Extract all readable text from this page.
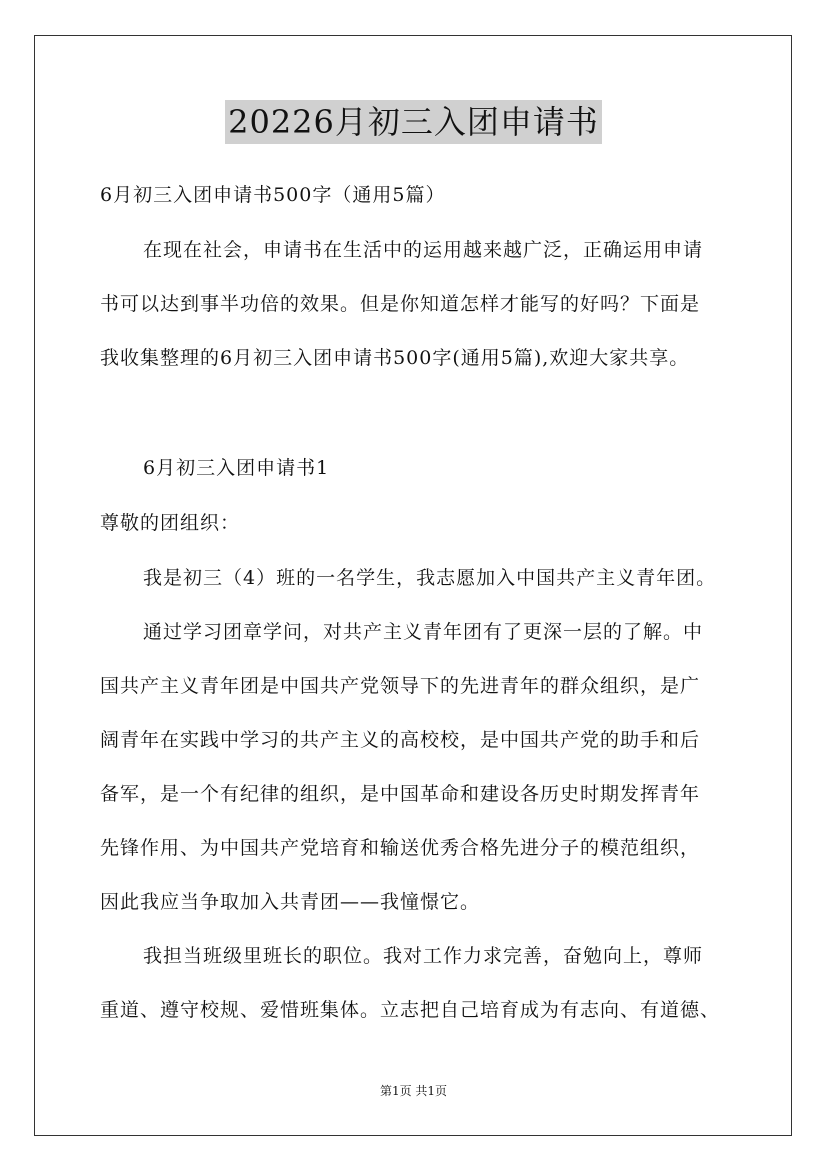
20226月初三入团申请书
6月初三入团申请书500字（通用5篇）
在现在社会，申请书在生活中的运用越来越广泛，正确运用申请
书可以达到事半功倍的效果。但是你知道怎样才能写的好吗？下面是
我收集整理的6月初三入团申请书500字(通用5篇),欢迎大家共享。
6月初三入团申请书1
尊敬的团组织：
我是初三（4）班的一名学生，我志愿加入中国共产主义青年团。
通过学习团章学问，对共产主义青年团有了更深一层的了解。中
国共产主义青年团是中国共产党领导下的先进青年的群众组织，是广
阔青年在实践中学习的共产主义的高校校，是中国共产党的助手和后
备军，是一个有纪律的组织，是中国革命和建设各历史时期发挥青年
先锋作用、为中国共产党培育和输送优秀合格先进分子的模范组织，
因此我应当争取加入共青团——我憧憬它。
我担当班级里班长的职位。我对工作力求完善，奋勉向上，尊师
重道、遵守校规、爱惜班集体。立志把自己培育成为有志向、有道德、
第1页 共1页
